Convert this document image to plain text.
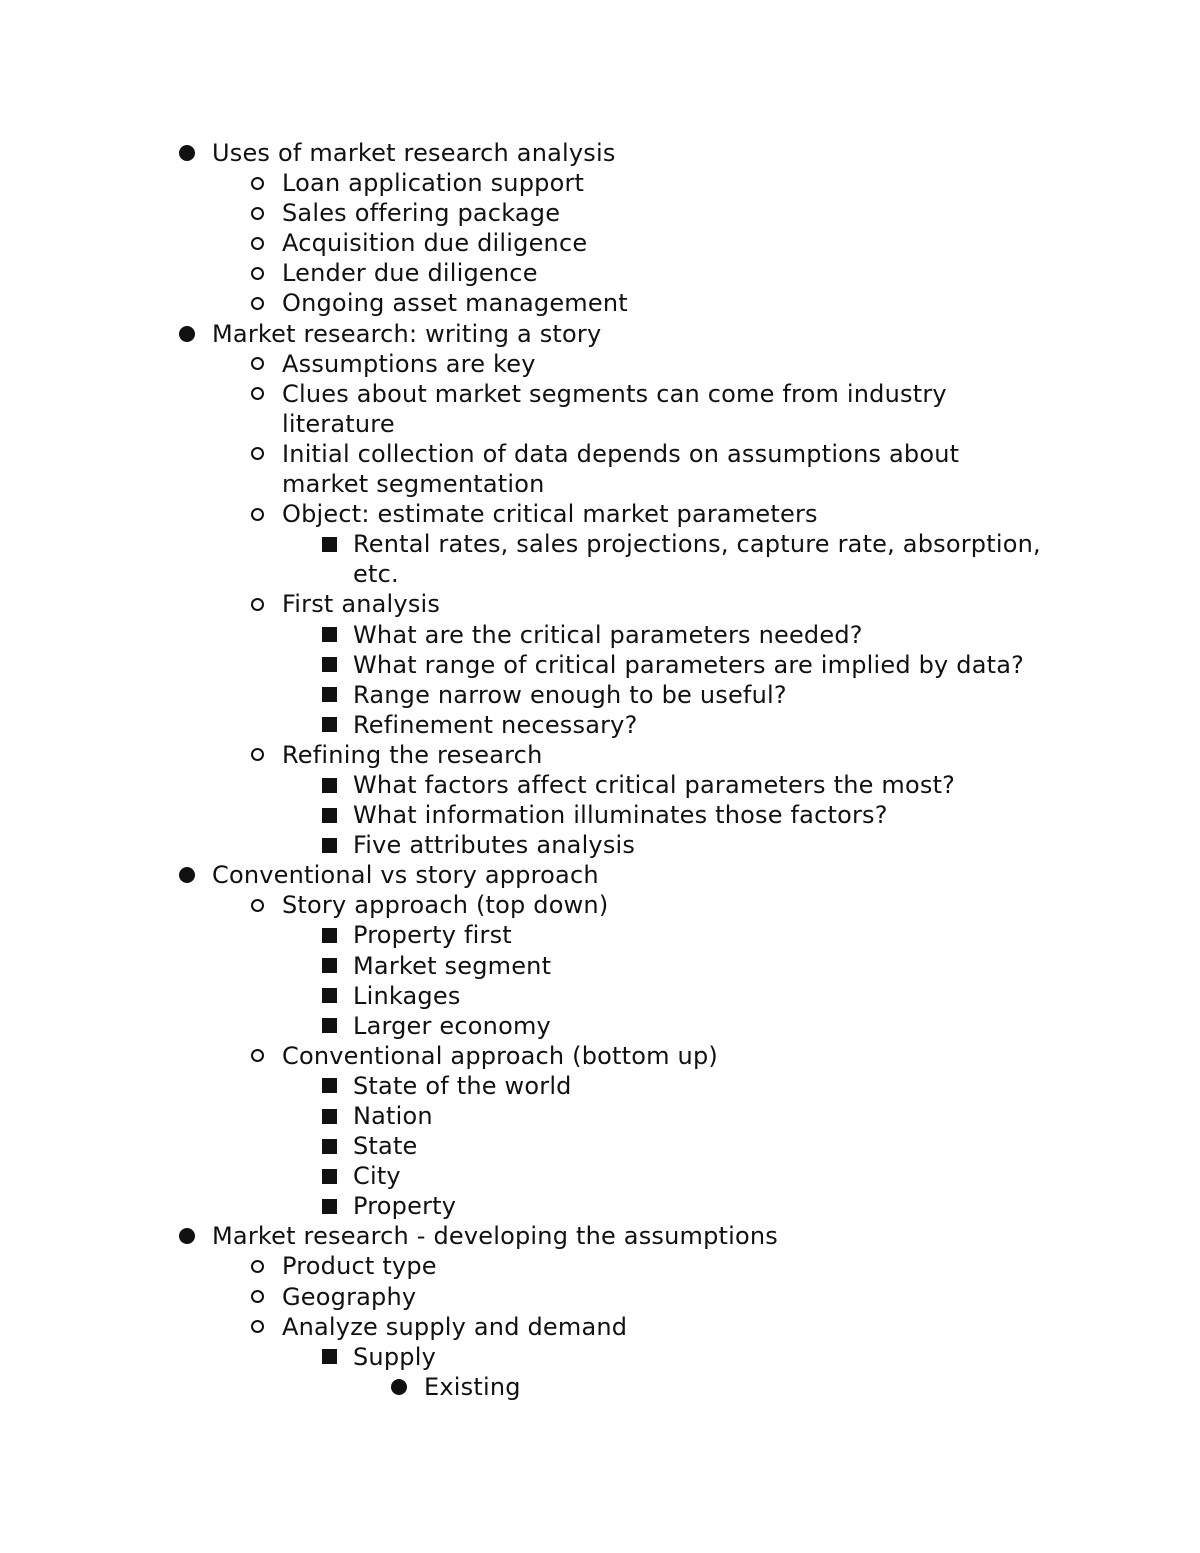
Uses of market research analysis
Loan application support
Sales offering package
Acquisition due diligence
Lender due diligence
Ongoing asset management
Market research: writing a story
Assumptions are key
Clues about market segments can come from industry literature
Initial collection of data depends on assumptions about market segmentation
Object: estimate critical market parameters
Rental rates, sales projections, capture rate, absorption, etc.
First analysis
What are the critical parameters needed?
What range of critical parameters are implied by data?
Range narrow enough to be useful?
Refinement necessary?
Refining the research
What factors affect critical parameters the most?
What information illuminates those factors?
Five attributes analysis
Conventional vs story approach
Story approach (top down)
Property first
Market segment
Linkages
Larger economy
Conventional approach (bottom up)
State of the world
Nation
State
City
Property
Market research - developing the assumptions
Product type
Geography
Analyze supply and demand
Supply
Existing
